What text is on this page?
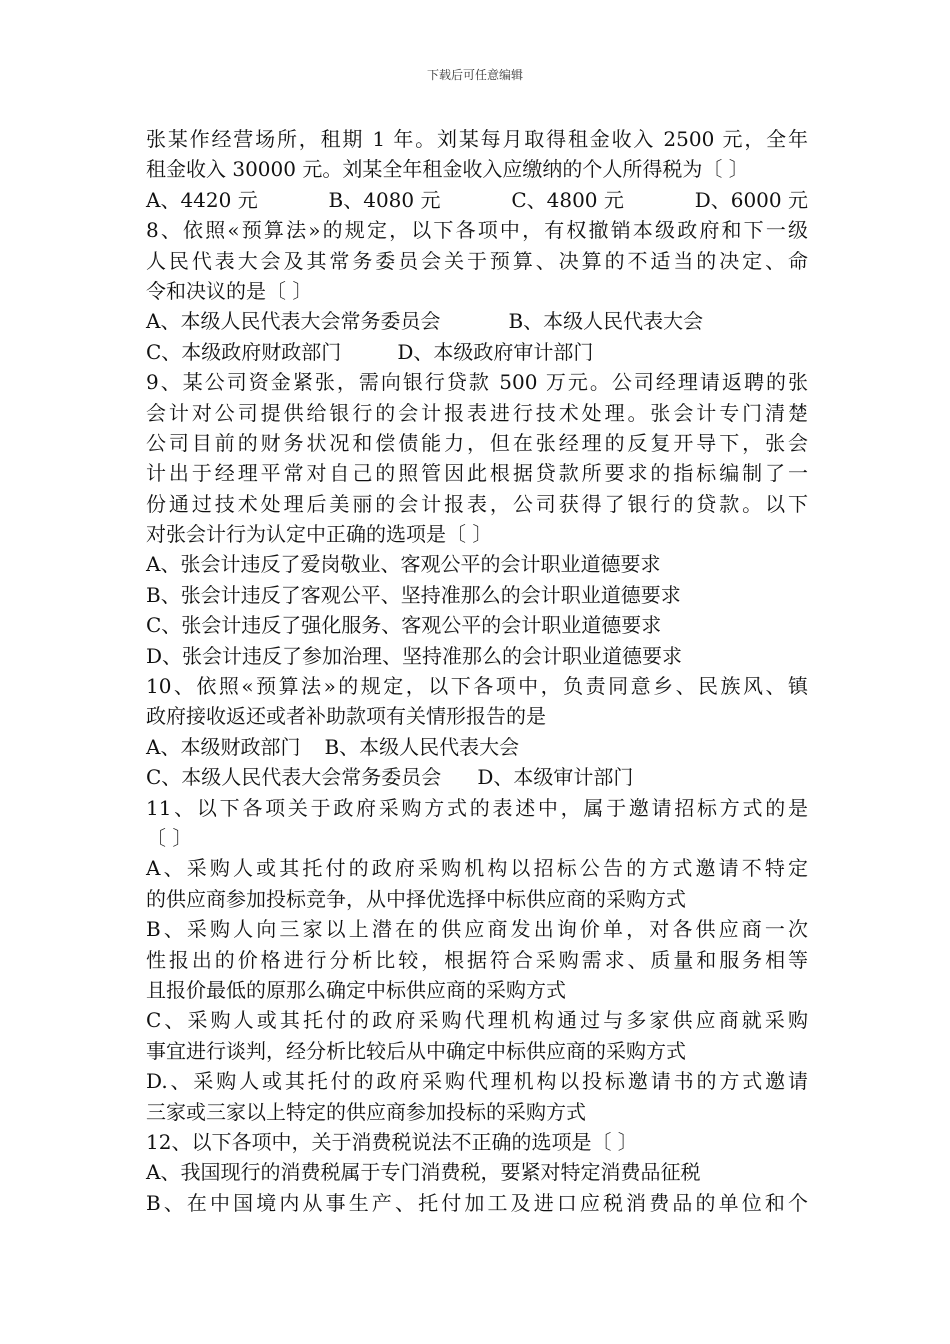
下载后可任意编辑
张某作经营场所，租期 1 年。刘某每月取得租金收入 2500 元，全年
租金收入 30000 元。刘某全年租金收入应缴纳的个人所得税为〔 〕
A、4420 元	B、4080 元	C、4800 元	D、6000 元
8、依照«预算法»的规定，以下各项中，有权撤销本级政府和下一级
人民代表大会及其常务委员会关于预算、决算的不适当的决定、命
令和决议的是〔 〕
A、本级人民代表大会常务委员会	B、本级人民代表大会
C、本级政府财政部门	D、本级政府审计部门
9、某公司资金紧张，需向银行贷款 500 万元。公司经理请返聘的张
会计对公司提供给银行的会计报表进行技术处理。张会计专门清楚
公司目前的财务状况和偿债能力，但在张经理的反复开导下，张会
计出于经理平常对自己的照管因此根据贷款所要求的指标编制了一
份通过技术处理后美丽的会计报表，公司获得了银行的贷款。以下
对张会计行为认定中正确的选项是〔 〕
A、张会计违反了爱岗敬业、客观公平的会计职业道德要求
B、张会计违反了客观公平、坚持准那么的会计职业道德要求
C、张会计违反了强化服务、客观公平的会计职业道德要求
D、张会计违反了参加治理、坚持准那么的会计职业道德要求
10、依照«预算法»的规定，以下各项中，负责同意乡、民族风、镇
政府接收返还或者补助款项有关情形报告的是
A、本级财政部门 B、本级人民代表大会
C、本级人民代表大会常务委员会 D、本级审计部门
11、以下各项关于政府采购方式的表述中，属于邀请招标方式的是
〔 〕
A、采购人或其托付的政府采购机构以招标公告的方式邀请不特定
的供应商参加投标竞争，从中择优选择中标供应商的采购方式
B、采购人向三家以上潜在的供应商发出询价单，对各供应商一次
性报出的价格进行分析比较，根据符合采购需求、质量和服务相等
且报价最低的原那么确定中标供应商的采购方式
C、采购人或其托付的政府采购代理机构通过与多家供应商就采购
事宜进行谈判，经分析比较后从中确定中标供应商的采购方式
D.、采购人或其托付的政府采购代理机构以投标邀请书的方式邀请
三家或三家以上特定的供应商参加投标的采购方式
12、以下各项中，关于消费税说法不正确的选项是〔 〕
A、我国现行的消费税属于专门消费税，要紧对特定消费品征税
B、在中国境内从事生产、托付加工及进口应税消费品的单位和个
